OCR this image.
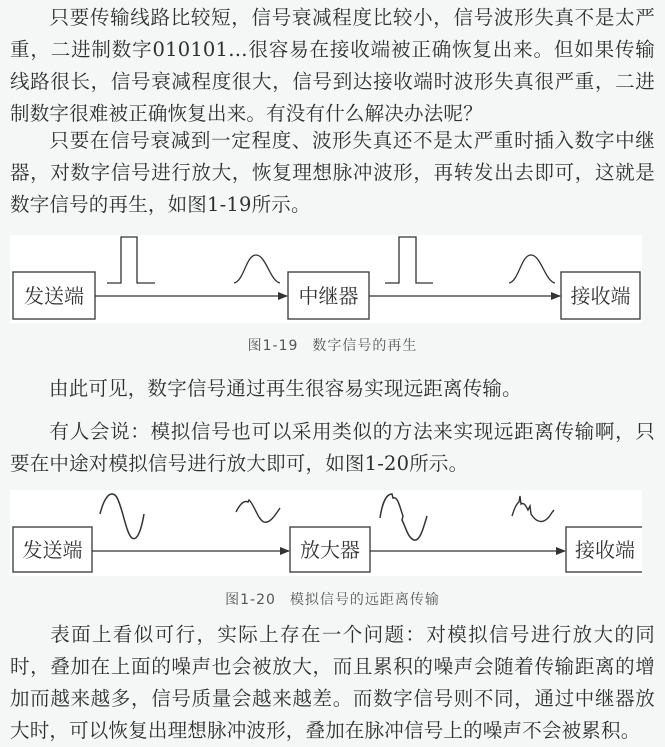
只要传输线路比较短，信号衰减程度比较小，信号波形失真不是太严重，二进制数字010101…很容易在接收端被正确恢复出来。但如果传输线路很长，信号衰减程度很大，信号到达接收端时波形失真很严重，二进制数字很难被正确恢复出来。有没有什么解决办法呢？

只要在信号衰减到一定程度、波形失真还不是太严重时插入数字中继器，对数字信号进行放大，恢复理想脉冲波形，再转发出去即可，这就是数字信号的再生，如图1-19所示。

发送端	中继器	接收端
图1-19 数字信号的再生

由此可见，数字信号通过再生很容易实现远距离传输。

有人会说：模拟信号也可以采用类似的方法来实现远距离传输啊，只要在中途对模拟信号进行放大即可，如图1-20所示。

发送端	放大器	接收端
图1-20 模拟信号的远距离传输

表面上看似可行，实际上存在一个问题：对模拟信号进行放大的同时，叠加在上面的噪声也会被放大，而且累积的噪声会随着传输距离的增加而越来越多，信号质量会越来越差。而数字信号则不同，通过中继器放大时，可以恢复出理想脉冲波形，叠加在脉冲信号上的噪声不会被累积。
